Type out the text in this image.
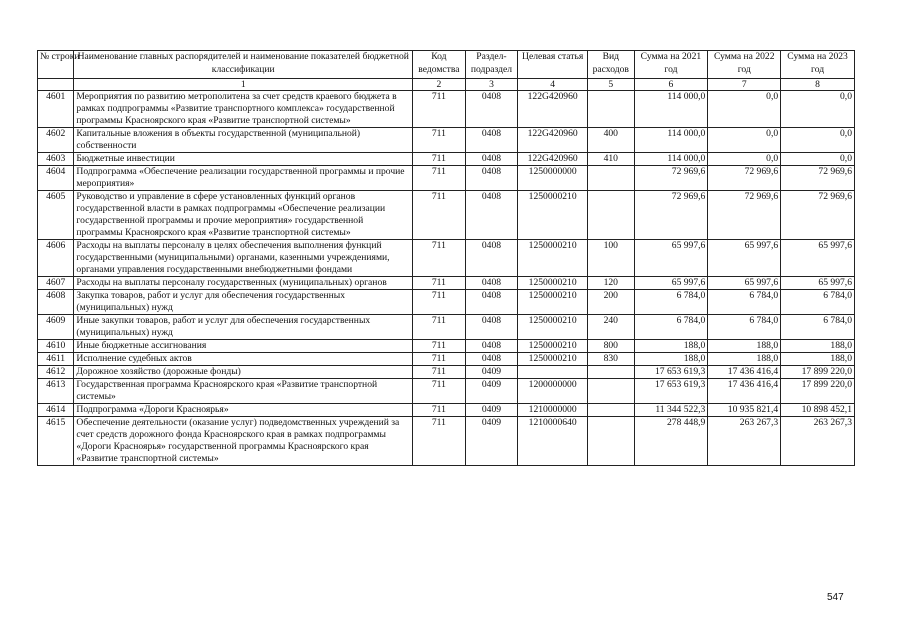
№ строки	Наименование главных распорядителей и наименование показателей бюджетной классификации	Код ведомства	Раздел-подраздел	Целевая статья	Вид расходов	Сумма на 2021 год	Сумма на 2022 год	Сумма на 2023 год
	1	2	3	4	5	6	7	8
4601	Мероприятия по развитию метрополитена за счет средств краевого бюджета в рамках подпрограммы «Развитие транспортного комплекса» государственной программы Красноярского края «Развитие транспортной системы»	711	0408	122G420960		114 000,0	0,0	0,0
4602	Капитальные вложения в объекты государственной (муниципальной) собственности	711	0408	122G420960	400	114 000,0	0,0	0,0
4603	Бюджетные инвестиции	711	0408	122G420960	410	114 000,0	0,0	0,0
4604	Подпрограмма «Обеспечение реализации государственной программы и прочие мероприятия»	711	0408	1250000000		72 969,6	72 969,6	72 969,6
4605	Руководство и управление в сфере установленных функций органов государственной власти в рамках подпрограммы «Обеспечение реализации государственной программы и прочие мероприятия» государственной программы Красноярского края «Развитие транспортной системы»	711	0408	1250000210		72 969,6	72 969,6	72 969,6
4606	Расходы на выплаты персоналу в целях обеспечения выполнения функций государственными (муниципальными) органами, казенными учреждениями, органами управления государственными внебюджетными фондами	711	0408	1250000210	100	65 997,6	65 997,6	65 997,6
4607	Расходы на выплаты персоналу государственных (муниципальных) органов	711	0408	1250000210	120	65 997,6	65 997,6	65 997,6
4608	Закупка товаров, работ и услуг для обеспечения государственных (муниципальных) нужд	711	0408	1250000210	200	6 784,0	6 784,0	6 784,0
4609	Иные закупки товаров, работ и услуг для обеспечения государственных (муниципальных) нужд	711	0408	1250000210	240	6 784,0	6 784,0	6 784,0
4610	Иные бюджетные ассигнования	711	0408	1250000210	800	188,0	188,0	188,0
4611	Исполнение судебных актов	711	0408	1250000210	830	188,0	188,0	188,0
4612	Дорожное хозяйство (дорожные фонды)	711	0409			17 653 619,3	17 436 416,4	17 899 220,0
4613	Государственная программа Красноярского края «Развитие транспортной системы»	711	0409	1200000000		17 653 619,3	17 436 416,4	17 899 220,0
4614	Подпрограмма «Дороги Красноярья»	711	0409	1210000000		11 344 522,3	10 935 821,4	10 898 452,1
4615	Обеспечение деятельности (оказание услуг) подведомственных учреждений за счет средств дорожного фонда Красноярского края в рамках подпрограммы «Дороги Красноярья» государственной программы Красноярского края «Развитие транспортной системы»	711	0409	1210000640		278 448,9	263 267,3	263 267,3
547
